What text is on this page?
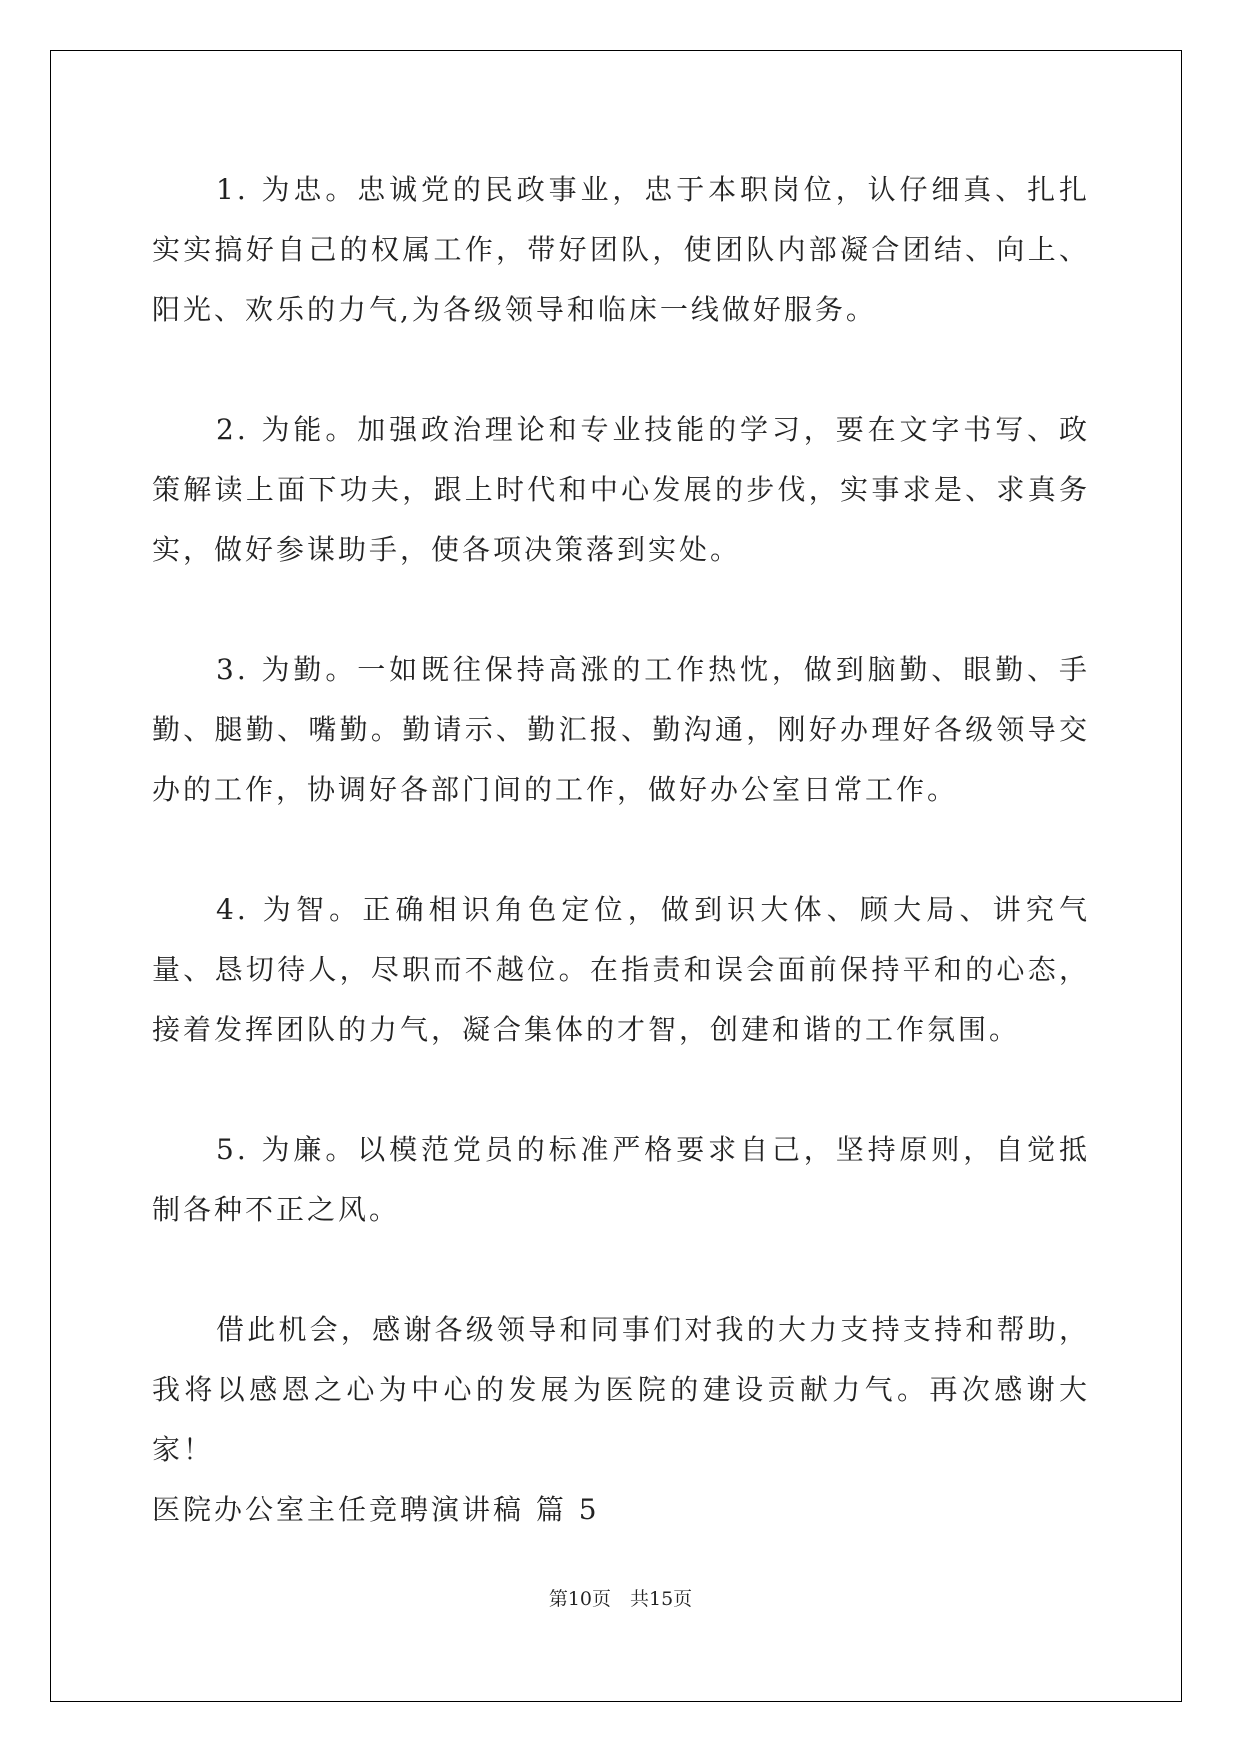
1. 为忠。忠诚党的民政事业，忠于本职岗位，认仔细真、扎扎实实搞好自己的权属工作，带好团队，使团队内部凝合团结、向上、阳光、欢乐的力气,为各级领导和临床一线做好服务。

2. 为能。加强政治理论和专业技能的学习，要在文字书写、政策解读上面下功夫，跟上时代和中心发展的步伐，实事求是、求真务实，做好参谋助手，使各项决策落到实处。

3. 为勤。一如既往保持高涨的工作热忱，做到脑勤、眼勤、手勤、腿勤、嘴勤。勤请示、勤汇报、勤沟通，刚好办理好各级领导交办的工作，协调好各部门间的工作，做好办公室日常工作。

4. 为智。正确相识角色定位，做到识大体、顾大局、讲究气量、恳切待人，尽职而不越位。在指责和误会面前保持平和的心态，接着发挥团队的力气，凝合集体的才智，创建和谐的工作氛围。

5. 为廉。以模范党员的标准严格要求自己，坚持原则，自觉抵制各种不正之风。

借此机会，感谢各级领导和同事们对我的大力支持支持和帮助，我将以感恩之心为中心的发展为医院的建设贡献力气。再次感谢大家！

医院办公室主任竞聘演讲稿 篇 5

第10页　共15页
